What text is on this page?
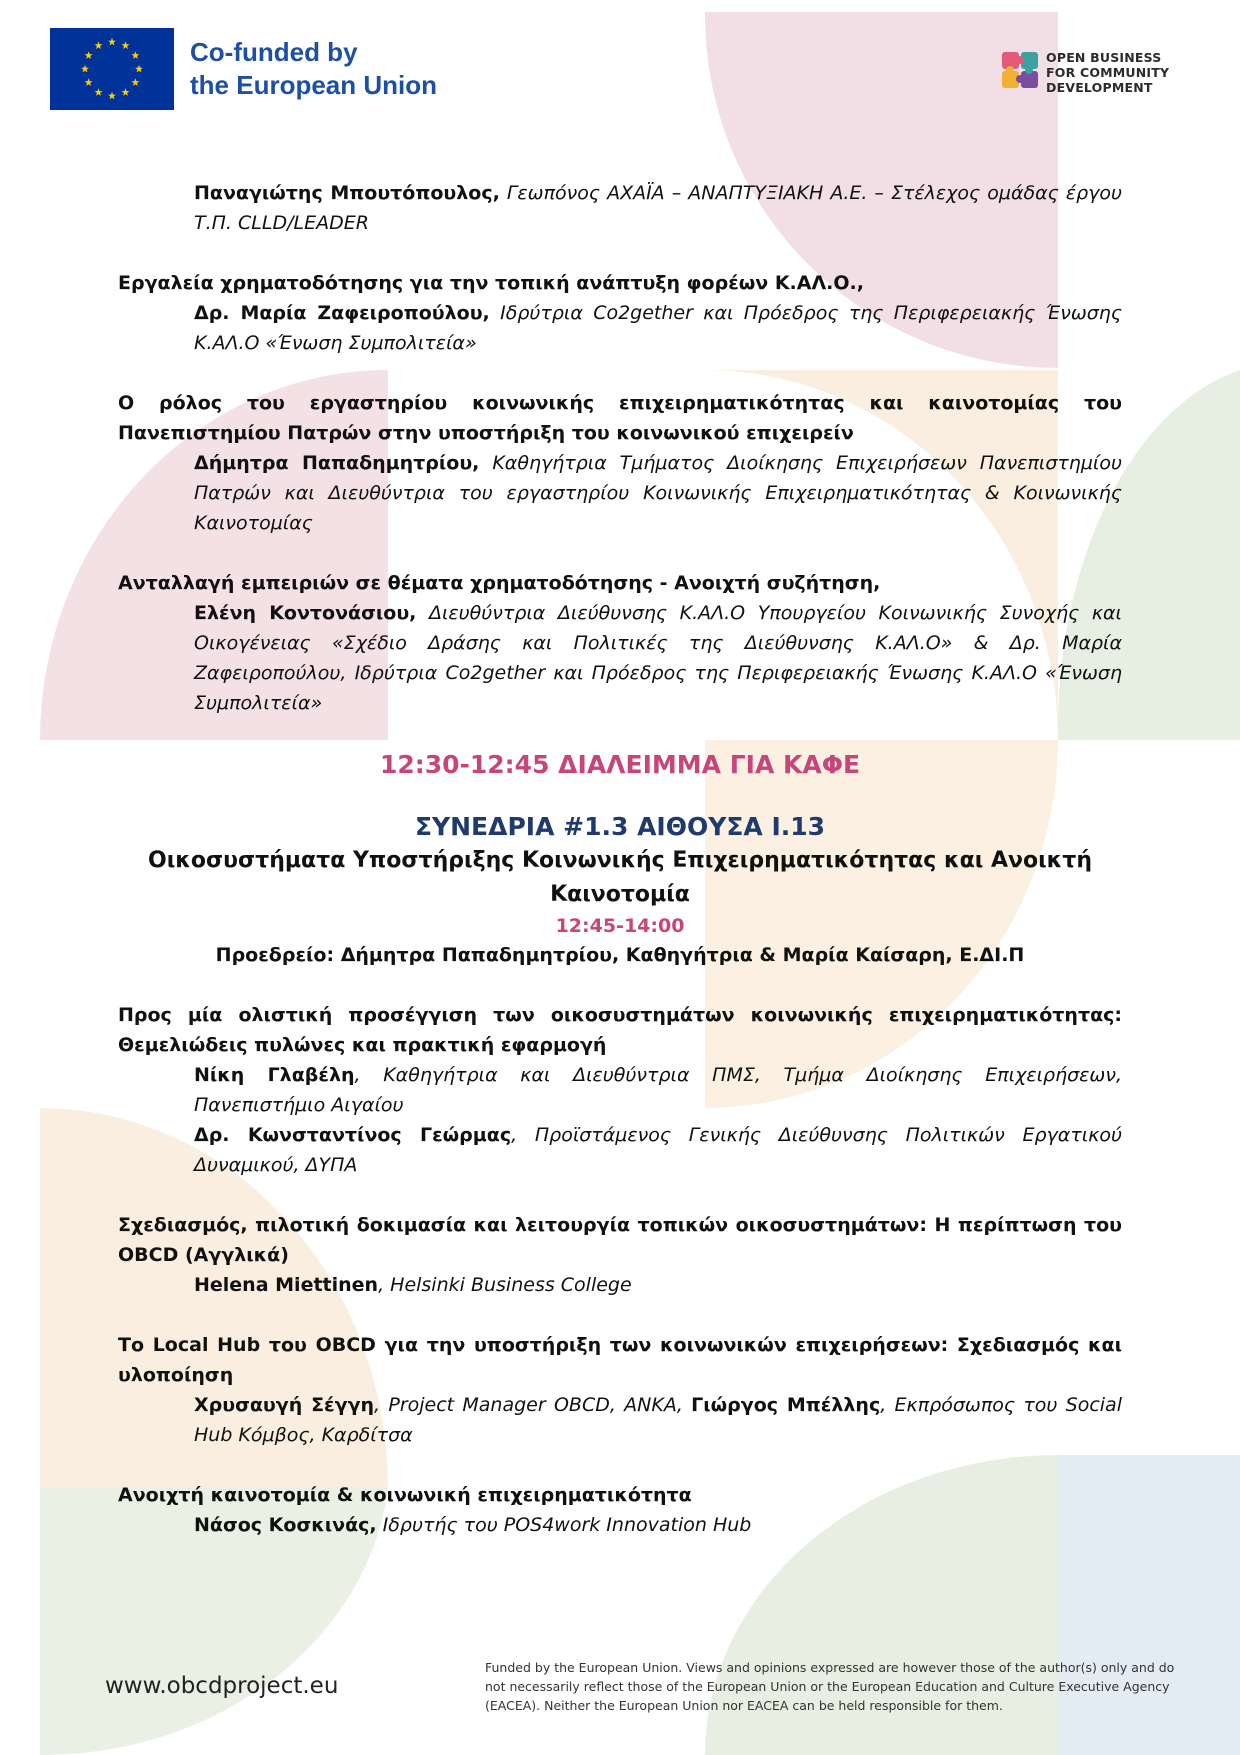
Co-funded by
the European Union
OPEN BUSINESS
FOR COMMUNITY
DEVELOPMENT
Παναγιώτης Μπουτόπουλος, Γεωπόνος ΑΧΑΪΑ – ΑΝΑΠΤΥΞΙΑΚΗ Α.Ε. – Στέλεχος ομάδας έργου Τ.Π. CLLD/LEADER
Εργαλεία χρηματοδότησης για την τοπική ανάπτυξη φορέων Κ.ΑΛ.Ο.,
Δρ. Μαρία Ζαφειροπούλου, Ιδρύτρια Co2gether και Πρόεδρος της Περιφερειακής Ένωσης Κ.ΑΛ.Ο «Ένωση Συμπολιτεία»
Ο ρόλος του εργαστηρίου κοινωνικής επιχειρηματικότητας και καινοτομίας του Πανεπιστημίου Πατρών στην υποστήριξη του κοινωνικού επιχειρείν
Δήμητρα Παπαδημητρίου, Καθηγήτρια Τμήματος Διοίκησης Επιχειρήσεων Πανεπιστημίου Πατρών και Διευθύντρια του εργαστηρίου Κοινωνικής Επιχειρηματικότητας & Κοινωνικής Καινοτομίας
Ανταλλαγή εμπειριών σε θέματα χρηματοδότησης - Ανοιχτή συζήτηση,
Ελένη Κοντονάσιου, Διευθύντρια Διεύθυνσης Κ.ΑΛ.Ο Υπουργείου Κοινωνικής Συνοχής και Οικογένειας «Σχέδιο Δράσης και Πολιτικές της Διεύθυνσης Κ.ΑΛ.Ο» & Δρ. Μαρία Ζαφειροπούλου, Ιδρύτρια Co2gether και Πρόεδρος της Περιφερειακής Ένωσης Κ.ΑΛ.Ο «Ένωση Συμπολιτεία»
12:30-12:45 ΔΙΑΛΕΙΜΜΑ ΓΙΑ ΚΑΦΕ
ΣΥΝΕΔΡΙΑ #1.3 ΑΙΘΟΥΣΑ Ι.13
Οικοσυστήματα Υποστήριξης Κοινωνικής Επιχειρηματικότητας και Ανοικτή Καινοτομία
12:45-14:00
Προεδρείο: Δήμητρα Παπαδημητρίου, Καθηγήτρια & Μαρία Καίσαρη, Ε.ΔΙ.Π
Προς μία ολιστική προσέγγιση των οικοσυστημάτων κοινωνικής επιχειρηματικότητας: Θεμελιώδεις πυλώνες και πρακτική εφαρμογή
Νίκη Γλαβέλη, Καθηγήτρια και Διευθύντρια ΠΜΣ, Τμήμα Διοίκησης Επιχειρήσεων, Πανεπιστήμιο Αιγαίου
Δρ. Κωνσταντίνος Γεώρμας, Προϊστάμενος Γενικής Διεύθυνσης Πολιτικών Εργατικού Δυναμικού, ΔΥΠΑ
Σχεδιασμός, πιλοτική δοκιμασία και λειτουργία τοπικών οικοσυστημάτων: Η περίπτωση του OBCD (Αγγλικά)
Helena Miettinen, Helsinki Business College
Το Local Hub του OBCD για την υποστήριξη των κοινωνικών επιχειρήσεων: Σχεδιασμός και υλοποίηση
Χρυσαυγή Σέγγη, Project Manager OBCD, ΑΝΚΑ, Γιώργος Μπέλλης, Εκπρόσωπος του Social Hub Κόμβος, Καρδίτσα
Ανοιχτή καινοτομία & κοινωνική επιχειρηματικότητα
Νάσος Κοσκινάς, Ιδρυτής του POS4work Innovation Hub
www.obcdproject.eu
Funded by the European Union. Views and opinions expressed are however those of the author(s) only and do not necessarily reflect those of the European Union or the European Education and Culture Executive Agency (EACEA). Neither the European Union nor EACEA can be held responsible for them.
